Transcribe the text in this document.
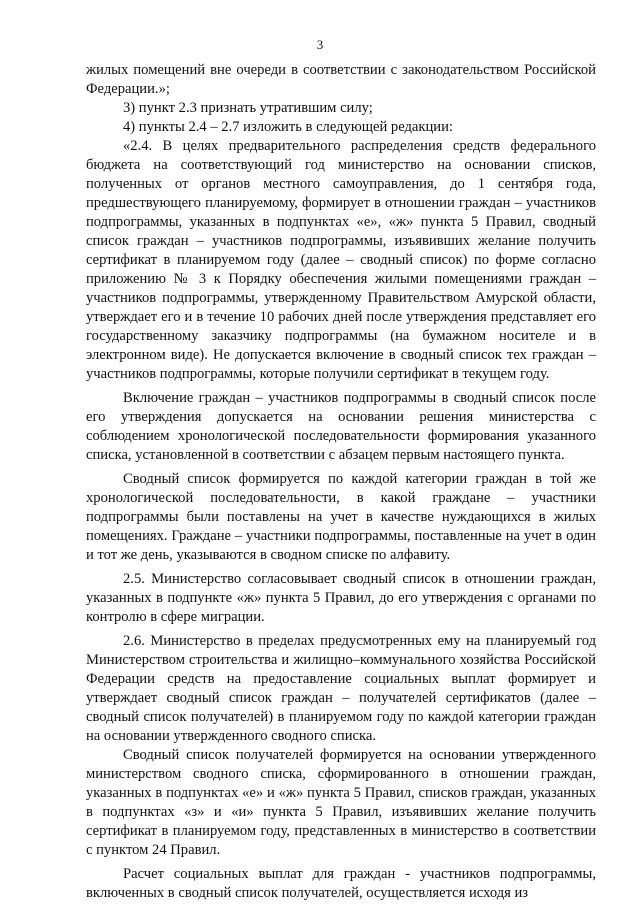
3

жилых помещений вне очереди в соответствии с законодательством Российской Федерации.»;

3) пункт 2.3 признать утратившим силу;

4) пункты 2.4 – 2.7 изложить в следующей редакции:

«2.4. В целях предварительного распределения средств федерального бюджета на соответствующий год министерство на основании списков, полученных от органов местного самоуправления, до 1 сентября года, предшествующего планируемому, формирует в отношении граждан – участников подпрограммы, указанных в подпунктах «е», «ж» пункта 5 Правил, сводный список граждан – участников подпрограммы, изъявивших желание получить сертификат в планируемом году (далее – сводный список) по форме согласно приложению № 3 к Порядку обеспечения жилыми помещениями граждан – участников подпрограммы, утвержденному Правительством Амурской области, утверждает его и в течение 10 рабочих дней после утверждения представляет его государственному заказчику подпрограммы (на бумажном носителе и в электронном виде). Не допускается включение в сводный список тех граждан – участников подпрограммы, которые получили сертификат в текущем году.

Включение граждан – участников подпрограммы в сводный список после его утверждения допускается на основании решения министерства с соблюдением хронологической последовательности формирования указанного списка, установленной в соответствии с абзацем первым настоящего пункта.

Сводный список формируется по каждой категории граждан в той же хронологической последовательности, в какой граждане – участники подпрограммы были поставлены на учет в качестве нуждающихся в жилых помещениях. Граждане – участники подпрограммы, поставленные на учет в один и тот же день, указываются в сводном списке по алфавиту.

2.5. Министерство согласовывает сводный список в отношении граждан, указанных в подпункте «ж» пункта 5 Правил, до его утверждения с органами по контролю в сфере миграции.

2.6. Министерство в пределах предусмотренных ему на планируемый год Министерством строительства и жилищно–коммунального хозяйства Российской Федерации средств на предоставление социальных выплат формирует и утверждает сводный список граждан – получателей сертификатов (далее – сводный список получателей) в планируемом году по каждой категории граждан на основании утвержденного сводного списка.

Сводный список получателей формируется на основании утвержденного министерством сводного списка, сформированного в отношении граждан, указанных в подпунктах «е» и «ж» пункта 5 Правил, списков граждан, указанных в подпунктах «з» и «и» пункта 5 Правил, изъявивших желание получить сертификат в планируемом году, представленных в министерство в соответствии с пунктом 24 Правил.

Расчет социальных выплат для граждан - участников подпрограммы, включенных в сводный список получателей, осуществляется исходя из
